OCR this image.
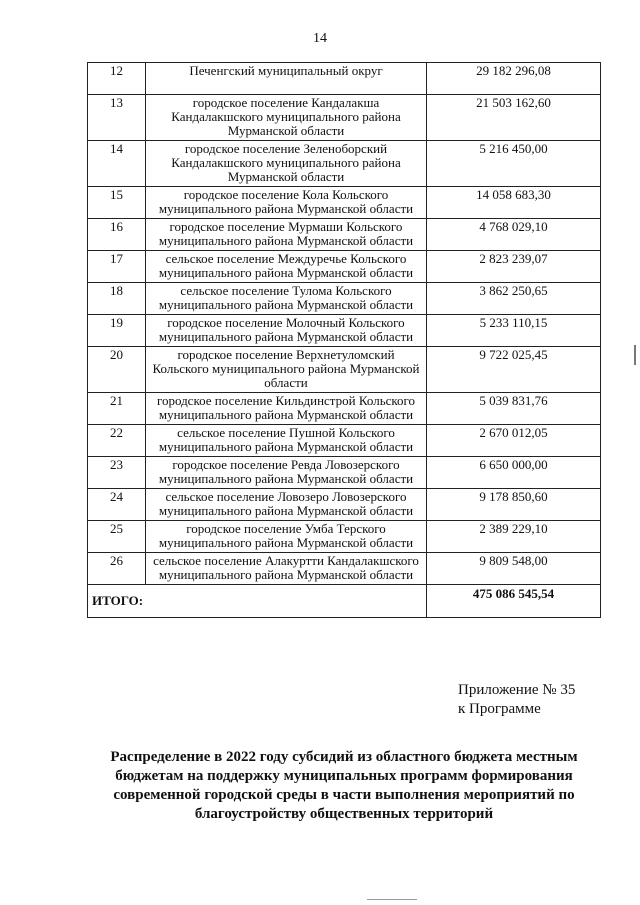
14
12	Печенгский муниципальный округ	29 182 296,08
13	городское поселение Кандалакша Кандалакшского муниципального района Мурманской области	21 503 162,60
14	городское поселение Зеленоборский Кандалакшского муниципального района Мурманской области	5 216 450,00
15	городское поселение Кола Кольского муниципального района Мурманской области	14 058 683,30
16	городское поселение Мурмаши Кольского муниципального района Мурманской области	4 768 029,10
17	сельское поселение Междуречье Кольского муниципального района Мурманской области	2 823 239,07
18	сельское поселение Тулома Кольского муниципального района Мурманской области	3 862 250,65
19	городское поселение Молочный Кольского муниципального района Мурманской области	5 233 110,15
20	городское поселение Верхнетуломский Кольского муниципального района Мурманской области	9 722 025,45
21	городское поселение Кильдинстрой Кольского муниципального района Мурманской области	5 039 831,76
22	сельское поселение Пушной Кольского муниципального района Мурманской области	2 670 012,05
23	городское поселение Ревда Ловозерского муниципального района Мурманской области	6 650 000,00
24	сельское поселение Ловозеро Ловозерского муниципального района Мурманской области	9 178 850,60
25	городское поселение Умба Терского муниципального района Мурманской области	2 389 229,10
26	сельское поселение Алакуртти Кандалакшского муниципального района Мурманской области	9 809 548,00
ИТОГО:		475 086 545,54
Приложение № 35
к Программе
Распределение в 2022 году субсидий из областного бюджета местным бюджетам на поддержку муниципальных программ формирования современной городской среды в части выполнения мероприятий по благоустройству общественных территорий
